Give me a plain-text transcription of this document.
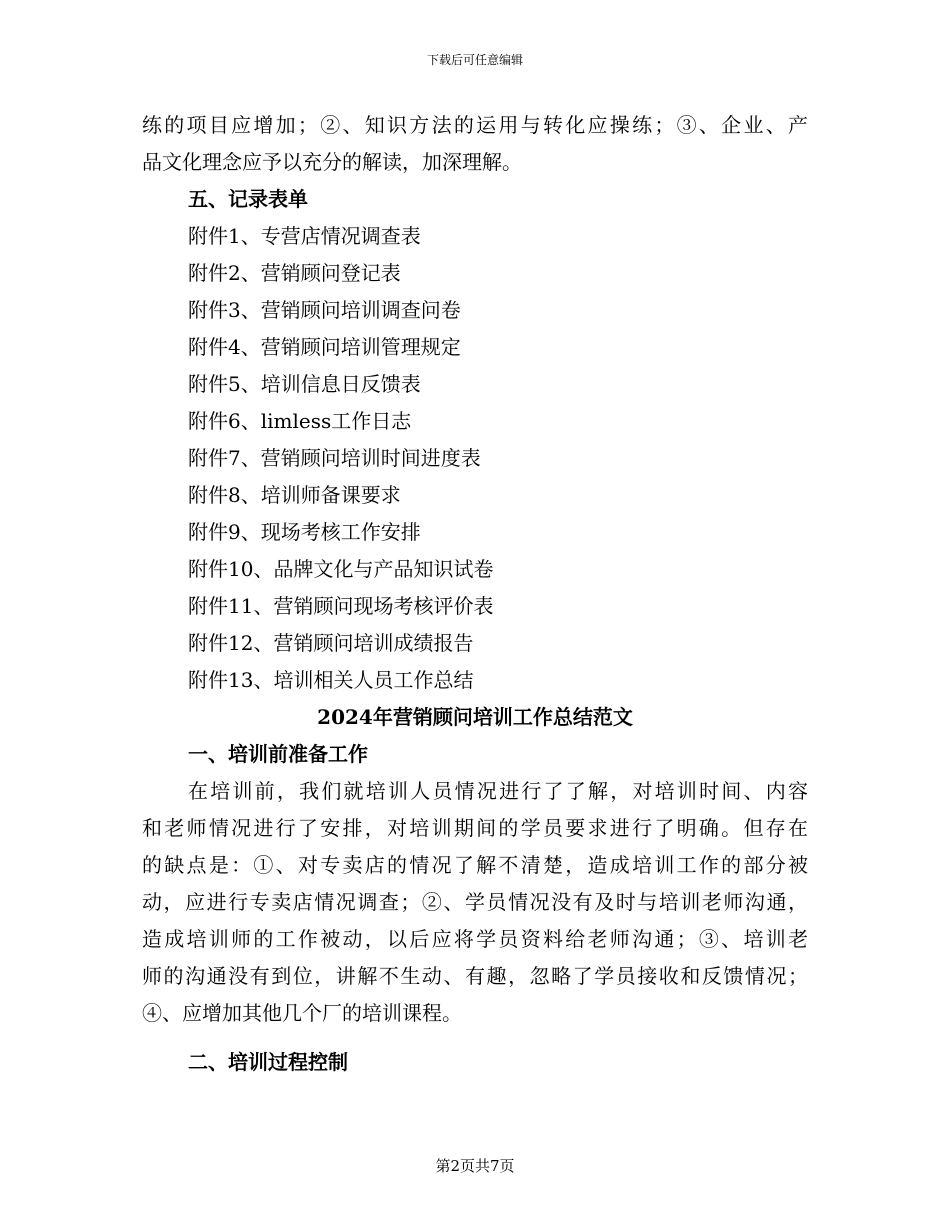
下载后可任意编辑
练的项目应增加；②、知识方法的运用与转化应操练；③、企业、产
品文化理念应予以充分的解读，加深理解。
五、记录表单
附件1、专营店情况调查表
附件2、营销顾问登记表
附件3、营销顾问培训调查问卷
附件4、营销顾问培训管理规定
附件5、培训信息日反馈表
附件6、limless工作日志
附件7、营销顾问培训时间进度表
附件8、培训师备课要求
附件9、现场考核工作安排
附件10、品牌文化与产品知识试卷
附件11、营销顾问现场考核评价表
附件12、营销顾问培训成绩报告
附件13、培训相关人员工作总结
2024年营销顾问培训工作总结范文
一、培训前准备工作
在培训前，我们就培训人员情况进行了了解，对培训时间、内容
和老师情况进行了安排，对培训期间的学员要求进行了明确。但存在
的缺点是：①、对专卖店的情况了解不清楚，造成培训工作的部分被
动，应进行专卖店情况调查；②、学员情况没有及时与培训老师沟通，
造成培训师的工作被动，以后应将学员资料给老师沟通；③、培训老
师的沟通没有到位，讲解不生动、有趣，忽略了学员接收和反馈情况；
④、应增加其他几个厂的培训课程。
二、培训过程控制
第2页共7页
